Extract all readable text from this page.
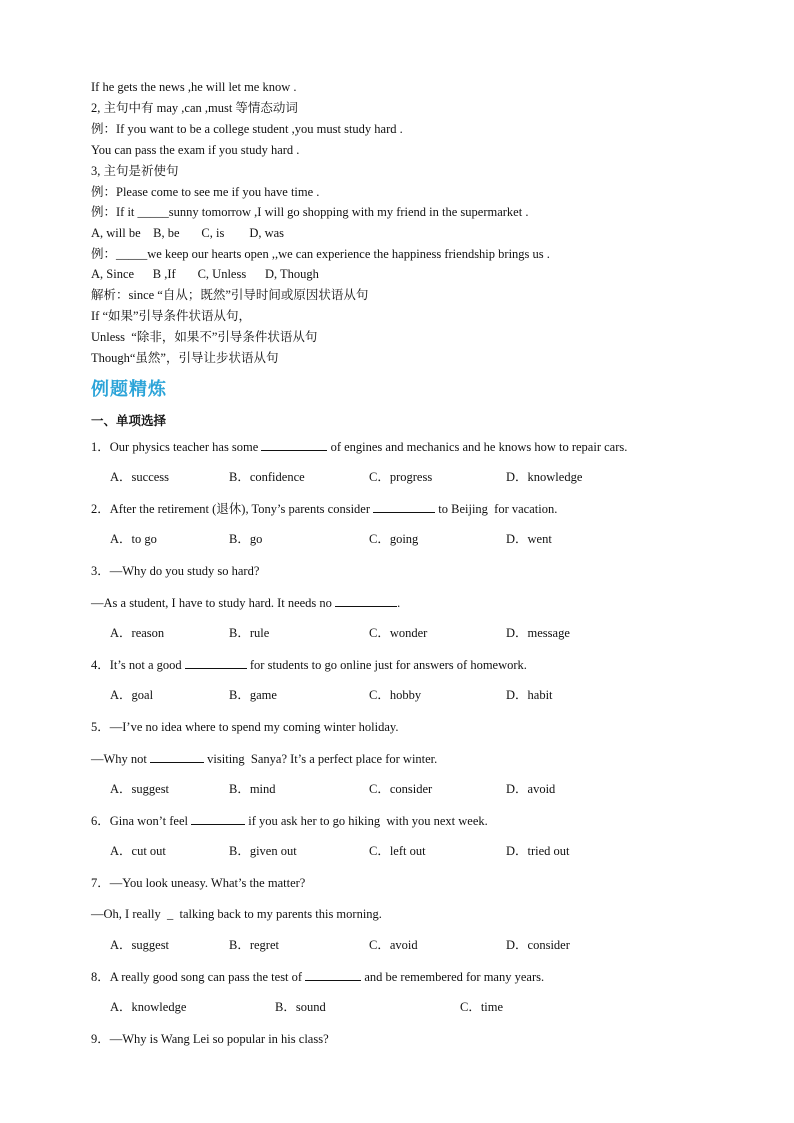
If he gets the news ,he will let me know .
2, 主句中有 may ,can ,must 等情态动词
例：If you want to be a college student ,you must study hard .
You can pass the exam if you study hard .
3, 主句是祈使句
例：Please come to see me if you have time .
例：If it _____sunny tomorrow ,I will go shopping with my friend in the supermarket .
A, will be    B, be       C, is        D, was
例：_____we keep our hearts open ,,we can experience the happiness friendship brings us .
A, Since      B ,If       C, Unless      D, Though
解析：since “自从；既然”引导时间或原因状语从句
If “如果”引导条件状语从句，
Unless  “除非，如果不”引导条件状语从句
Though“虽然”，引导让步状语从句
例题精炼
一、单项选择
1．Our physics teacher has some	of engines and mechanics and he knows how to repair cars.
A．success	B．confidence	C．progress	D．knowledge
2．After the retirement (退休), Tony’s parents consider	to Beijing  for vacation.
A．to go	B．go	C．going	D．went
3．—Why do you study so hard?
—As a student, I have to study hard. It needs no	.
A．reason	B．rule	C．wonder	D．message
4．It’s not a good	for students to go online just for answers of homework.
A．goal	B．game	C．hobby	D．habit
5．—I’ve no idea where to spend my coming winter holiday.
—Why not	visiting  Sanya? It’s a perfect place for winter.
A．suggest	B．mind	C．consider	D．avoid
6．Gina won’t feel	if you ask her to go hiking  with you next week.
A．cut out	B．given out	C．left out	D．tried out
7．—You look uneasy. What’s the matter?
—Oh, I really  _  talking back to my parents this morning.
A．suggest	B．regret	C．avoid	D．consider
8．A really good song can pass the test of	and be remembered for many years.
A．knowledge	B．sound	C．time
9．—Why is Wang Lei so popular in his class?
